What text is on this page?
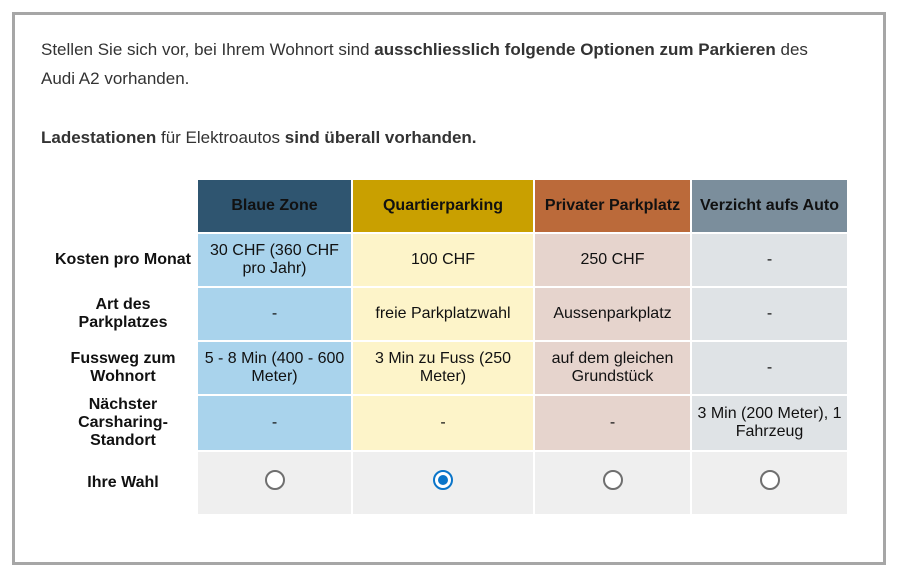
Stellen Sie sich vor, bei Ihrem Wohnort sind ausschliesslich folgende Optionen zum Parkieren des Audi A2 vorhanden.
Ladestationen für Elektroautos sind überall vorhanden.
	Blaue Zone	Quartierparking	Privater Parkplatz	Verzicht aufs Auto
Kosten pro Monat	30 CHF (360 CHF pro Jahr)	100 CHF	250 CHF	-
Art des Parkplatzes	-	freie Parkplatzwahl	Aussenparkplatz	-
Fussweg zum Wohnort	5 - 8 Min (400 - 600 Meter)	3 Min zu Fuss (250 Meter)	auf dem gleichen Grundstück	-
Nächster Carsharing-Standort	-	-	-	3 Min (200 Meter), 1 Fahrzeug
Ihre Wahl				
